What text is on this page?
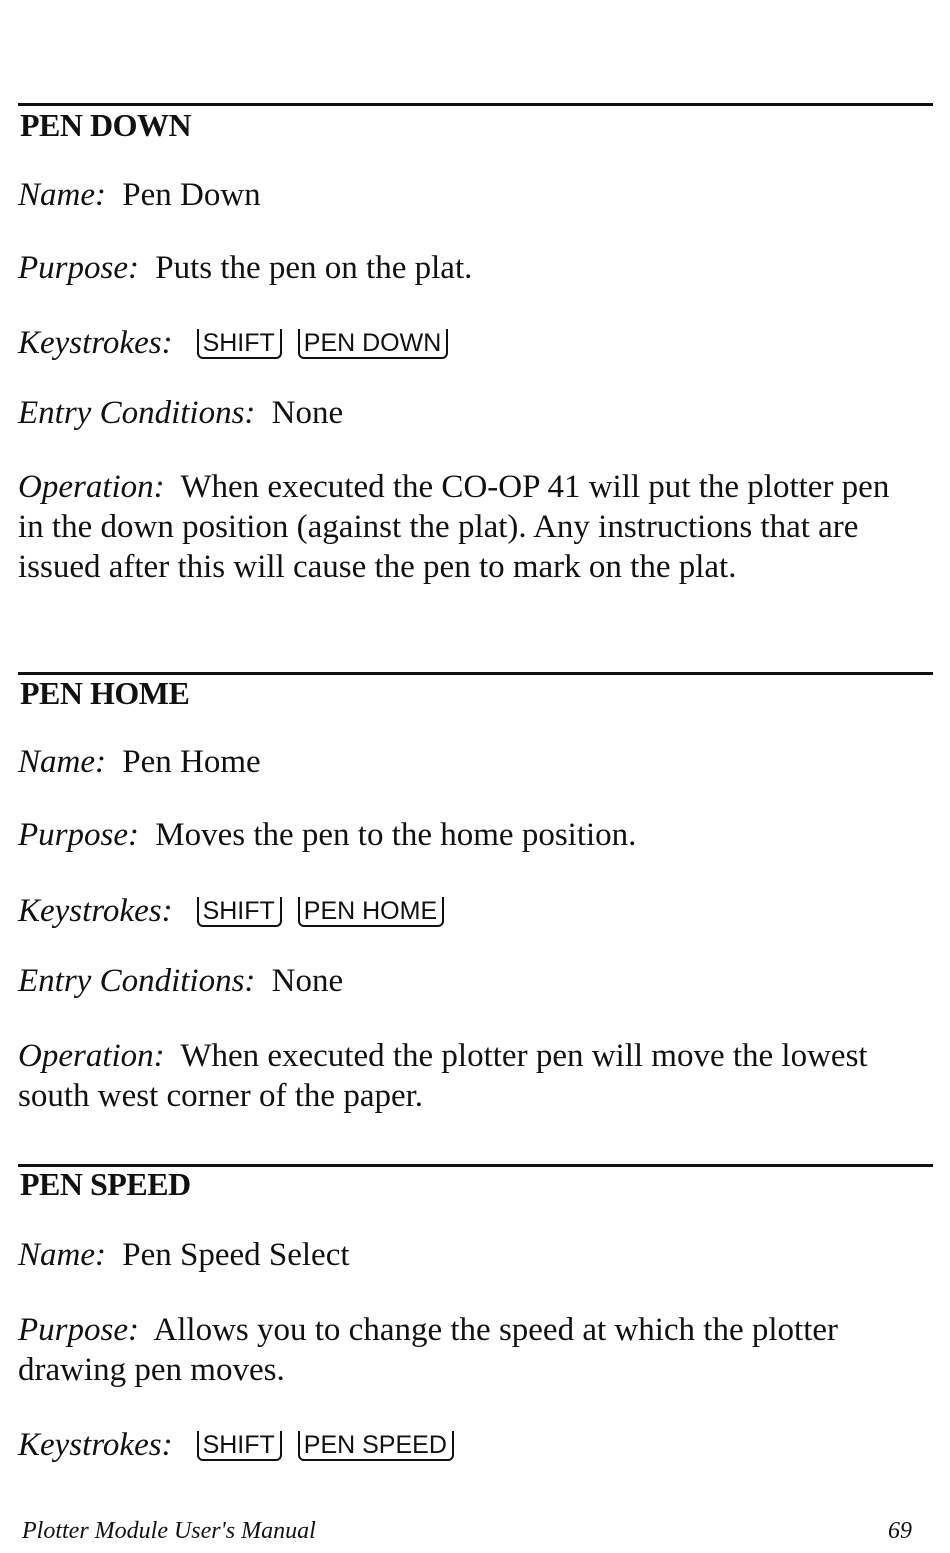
PEN DOWN
Name: Pen Down
Purpose: Puts the pen on the plat.
Keystrokes: SHIFT PEN DOWN
Entry Conditions: None
Operation: When executed the CO-OP 41 will put the plotter pen in the down position (against the plat). Any instructions that are issued after this will cause the pen to mark on the plat.
PEN HOME
Name: Pen Home
Purpose: Moves the pen to the home position.
Keystrokes: SHIFT PEN HOME
Entry Conditions: None
Operation: When executed the plotter pen will move the lowest south west corner of the paper.
PEN SPEED
Name: Pen Speed Select
Purpose: Allows you to change the speed at which the plotter drawing pen moves.
Keystrokes: SHIFT PEN SPEED
Plotter Module User's Manual	69
